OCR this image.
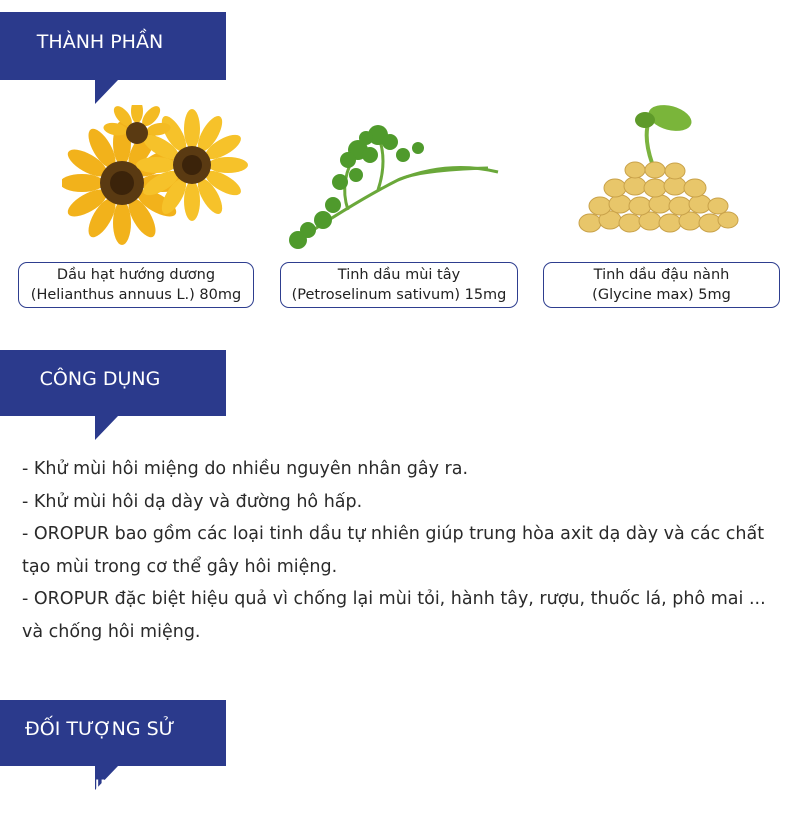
THÀNH PHẦN
CÔNG DỤNG
ĐỐI TƯỢNG SỬ DỤNG
Dầu hạt hướng dương
(Helianthus annuus L.) 80mg
Tinh dầu mùi tây
(Petroselinum sativum) 15mg
Tinh dầu đậu nành
(Glycine max) 5mg
- Khử mùi hôi miệng do nhiều nguyên nhân gây ra.
- Khử mùi hôi dạ dày và đường hô hấp.
- OROPUR bao gồm các loại tinh dầu tự nhiên giúp trung hòa axit dạ dày và các chất
tạo mùi trong cơ thể gây hôi miệng.
- OROPUR đặc biệt hiệu quả vì chống lại mùi tỏi, hành tây, rượu, thuốc lá, phô mai ...
và chống hôi miệng.
